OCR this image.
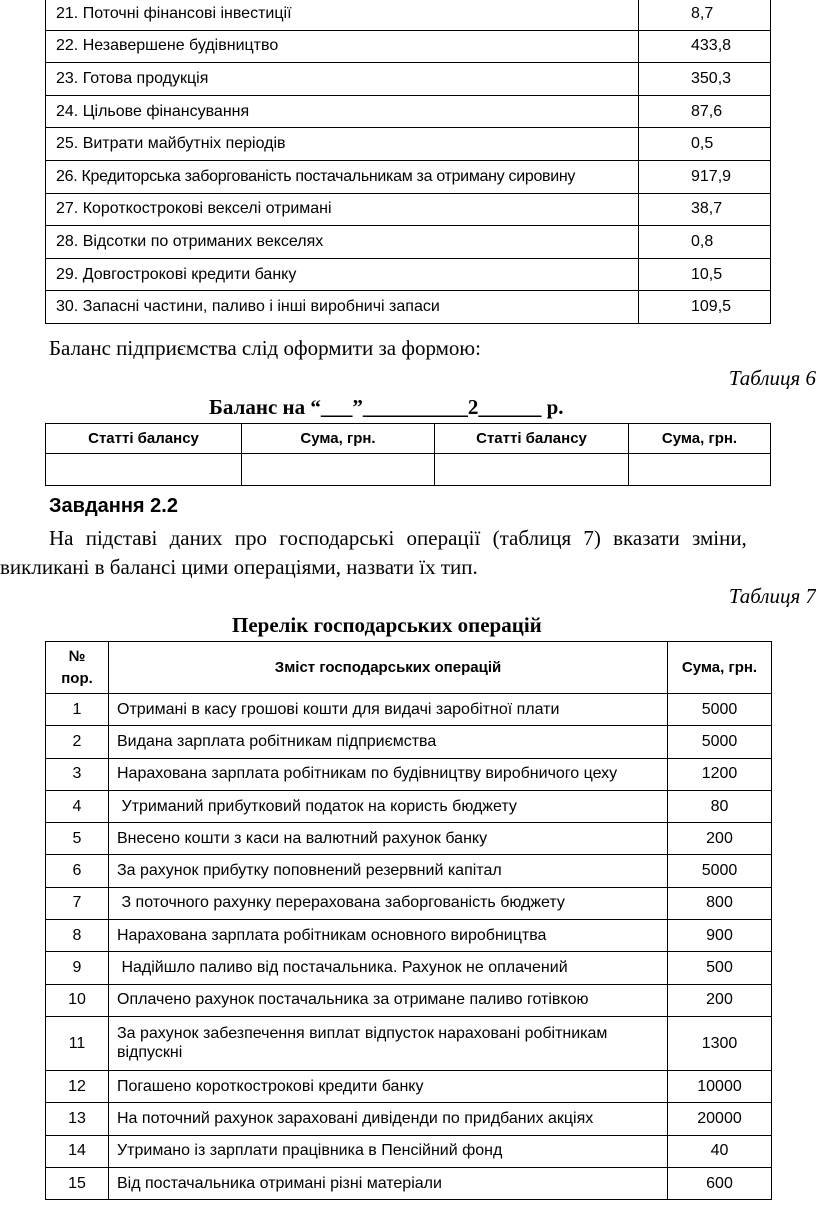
21. Поточні фінансові інвестиції	8,7
22. Незавершене будівництво	433,8
23. Готова продукція	350,3
24. Цільове фінансування	87,6
25. Витрати майбутніх періодів	0,5
26. Кредиторська заборгованість постачальникам за отриману сировину	917,9
27. Короткострокові векселі отримані	38,7
28. Відсотки по отриманих векселях	0,8
29. Довгострокові кредити банку	10,5
30. Запасні частини, паливо і інші виробничі запаси	109,5
Баланс підприємства слід оформити за формою:
Таблиця 6
Баланс на “___”__________2______ р.
Статті балансу	Сума, грн.	Статті балансу	Сума, грн.

Завдання 2.2
На підставі даних про господарські операції (таблиця 7) вказати зміни,
викликані в балансі цими операціями, назвати їх тип.
Таблиця 7
Перелік господарських операцій
№
пор.	Зміст господарських операцій	Сума, грн.
1	Отримані в касу грошові кошти для видачі заробітної плати	5000
2	Видана зарплата робітникам підприємства	5000
3	Нарахована зарплата робітникам по будівництву виробничого цеху	1200
4	Утриманий прибутковий податок на користь бюджету	80
5	Внесено кошти з каси на валютний рахунок банку	200
6	За рахунок прибутку поповнений резервний капітал	5000
7	З поточного рахунку перерахована заборгованість бюджету	800
8	Нарахована зарплата робітникам основного виробництва	900
9	Надійшло паливо від постачальника. Рахунок не оплачений	500
10	Оплачено рахунок постачальника за отримане паливо готівкою	200
11	За рахунок забезпечення виплат відпусток нараховані робітникам відпускні	1300
12	Погашено короткострокові кредити банку	10000
13	На поточний рахунок зараховані дивіденди по придбаних акціях	20000
14	Утримано із зарплати працівника в Пенсійний фонд	40
15	Від постачальника отримані різні матеріали	600
